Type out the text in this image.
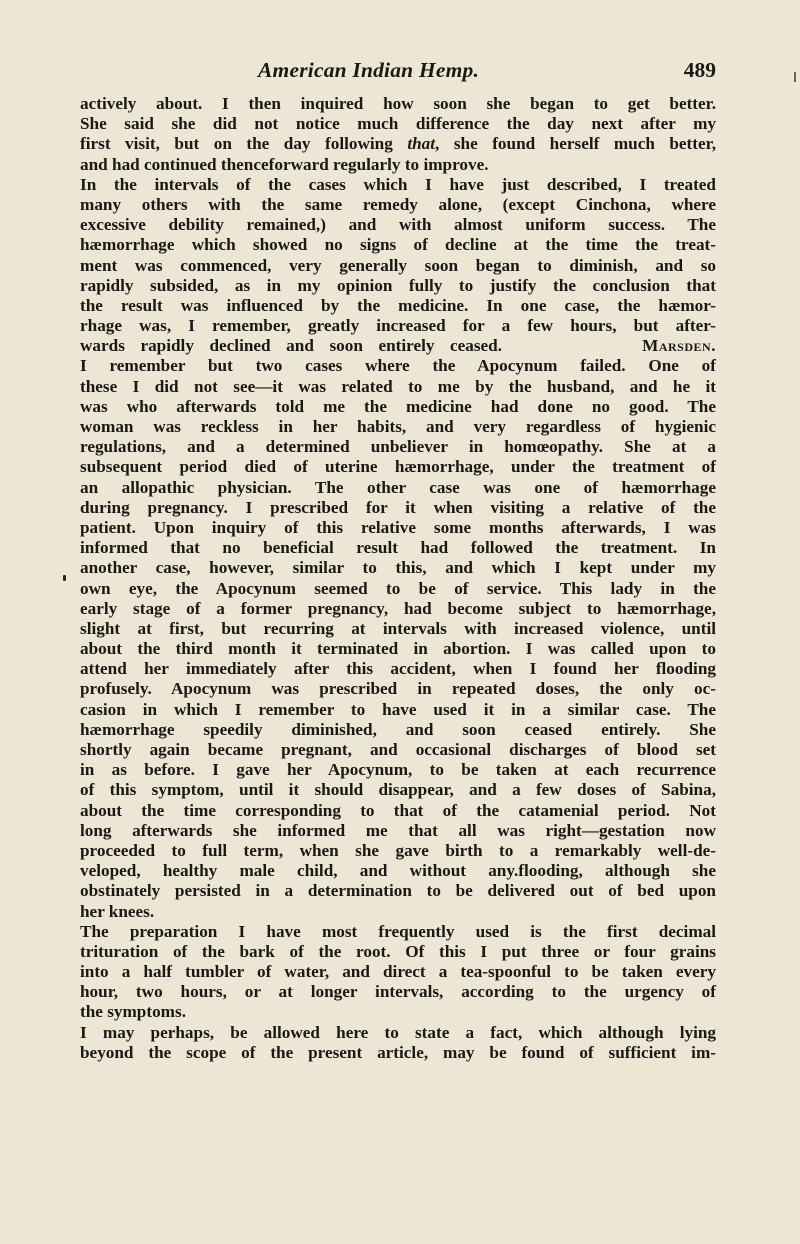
American Indian Hemp.	489
actively about. I then inquired how soon she began to get better.
She said she did not notice much difference the day next after my
first visit, but on the day following that, she found herself much better,
and had continued thenceforward regularly to improve.
In the intervals of the cases which I have just described, I treated
many others with the same remedy alone, (except Cinchona, where
excessive debility remained,) and with almost uniform success. The
hæmorrhage which showed no signs of decline at the time the treat-
ment was commenced, very generally soon began to diminish, and so
rapidly subsided, as in my opinion fully to justify the conclusion that
the result was influenced by the medicine. In one case, the hæmor-
rhage was, I remember, greatly increased for a few hours, but after-
wards rapidly declined and soon entirely ceased.         Marsden.
I remember but two cases where the Apocynum failed. One of
these I did not see—it was related to me by the husband, and he it
was who afterwards told me the medicine had done no good. The
woman was reckless in her habits, and very regardless of hygienic
regulations, and a determined unbeliever in homœopathy. She at a
subsequent period died of uterine hæmorrhage, under the treatment of
an allopathic physician. The other case was one of hæmorrhage
during pregnancy. I prescribed for it when visiting a relative of the
patient. Upon inquiry of this relative some months afterwards, I was
informed that no beneficial result had followed the treatment. In
another case, however, similar to this, and which I kept under my
own eye, the Apocynum seemed to be of service. This lady in the
early stage of a former pregnancy, had become subject to hæmorrhage,
slight at first, but recurring at intervals with increased violence, until
about the third month it terminated in abortion. I was called upon to
attend her immediately after this accident, when I found her flooding
profusely. Apocynum was prescribed in repeated doses, the only oc-
casion in which I remember to have used it in a similar case. The
hæmorrhage speedily diminished, and soon ceased entirely. She
shortly again became pregnant, and occasional discharges of blood set
in as before. I gave her Apocynum, to be taken at each recurrence
of this symptom, until it should disappear, and a few doses of Sabina,
about the time corresponding to that of the catamenial period. Not
long afterwards she informed me that all was right—gestation now
proceeded to full term, when she gave birth to a remarkably well-de-
veloped, healthy male child, and without any.flooding, although she
obstinately persisted in a determination to be delivered out of bed upon
her knees.
The preparation I have most frequently used is the first decimal
trituration of the bark of the root. Of this I put three or four grains
into a half tumbler of water, and direct a tea-spoonful to be taken every
hour, two hours, or at longer intervals, according to the urgency of
the symptoms.
I may perhaps, be allowed here to state a fact, which although lying
beyond the scope of the present article, may be found of sufficient im-
